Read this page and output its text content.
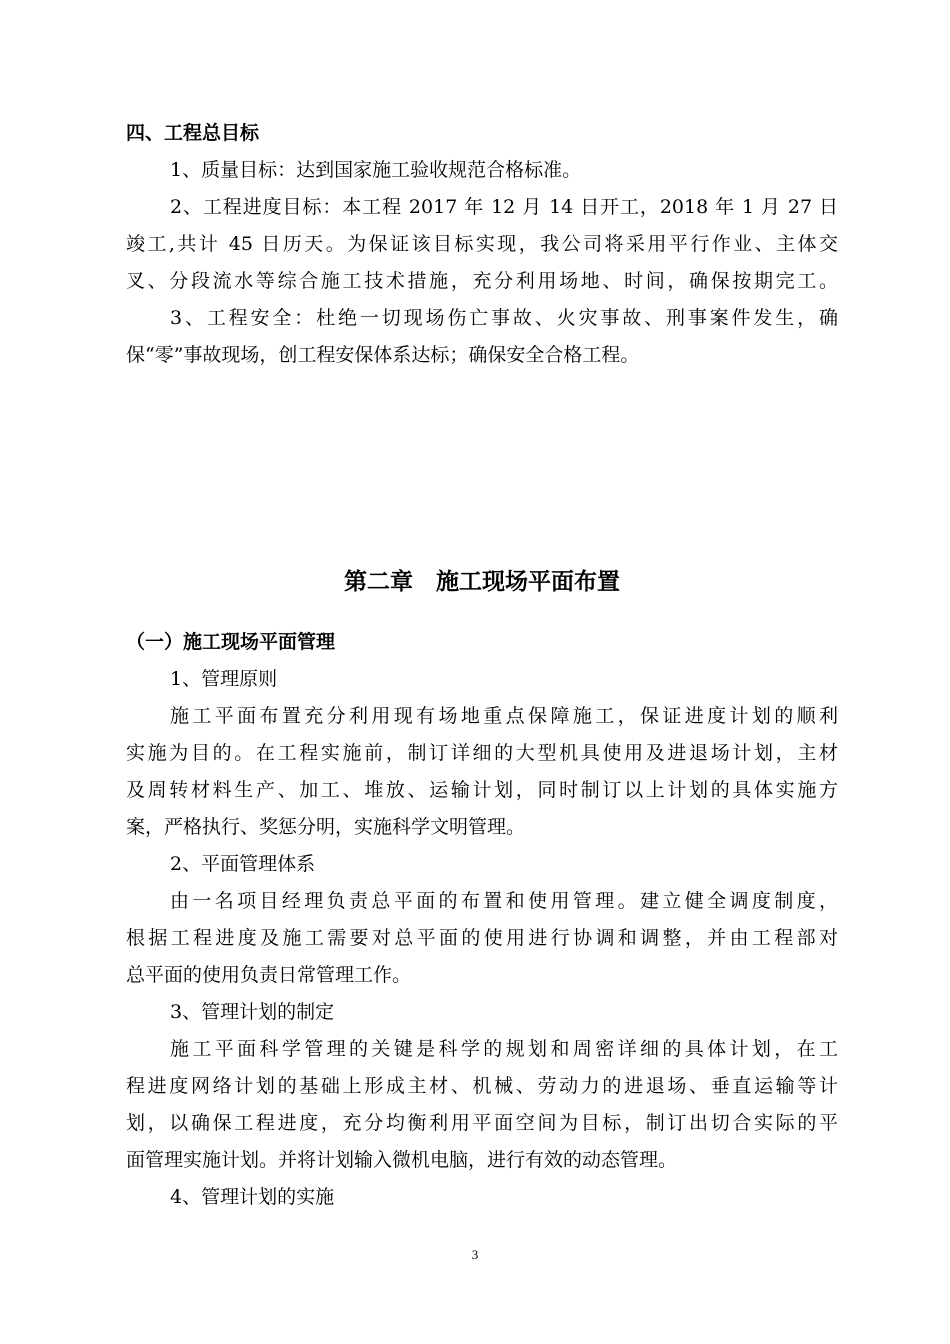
四、工程总目标

1、质量目标：达到国家施工验收规范合格标准。

2、工程进度目标：本工程 2017 年 12 月 14 日开工，2018 年 1 月 27 日

竣工,共计 45 日历天。为保证该目标实现，我公司将采用平行作业、主体交

叉、分段流水等综合施工技术措施，充分利用场地、时间，确保按期完工。

3、工程安全：杜绝一切现场伤亡事故、火灾事故、刑事案件发生，确

保“零”事故现场，创工程安保体系达标；确保安全合格工程。

第二章　施工现场平面布置

（一）施工现场平面管理

1、管理原则

施工平面布置充分利用现有场地重点保障施工，保证进度计划的顺利

实施为目的。在工程实施前，制订详细的大型机具使用及进退场计划，主材

及周转材料生产、加工、堆放、运输计划，同时制订以上计划的具体实施方

案，严格执行、奖惩分明，实施科学文明管理。

2、平面管理体系

由一名项目经理负责总平面的布置和使用管理。建立健全调度制度，

根据工程进度及施工需要对总平面的使用进行协调和调整，并由工程部对

总平面的使用负责日常管理工作。

3、管理计划的制定

施工平面科学管理的关键是科学的规划和周密详细的具体计划，在工

程进度网络计划的基础上形成主材、机械、劳动力的进退场、垂直运输等计

划，以确保工程进度，充分均衡利用平面空间为目标，制订出切合实际的平

面管理实施计划。并将计划输入微机电脑，进行有效的动态管理。

4、管理计划的实施

3
